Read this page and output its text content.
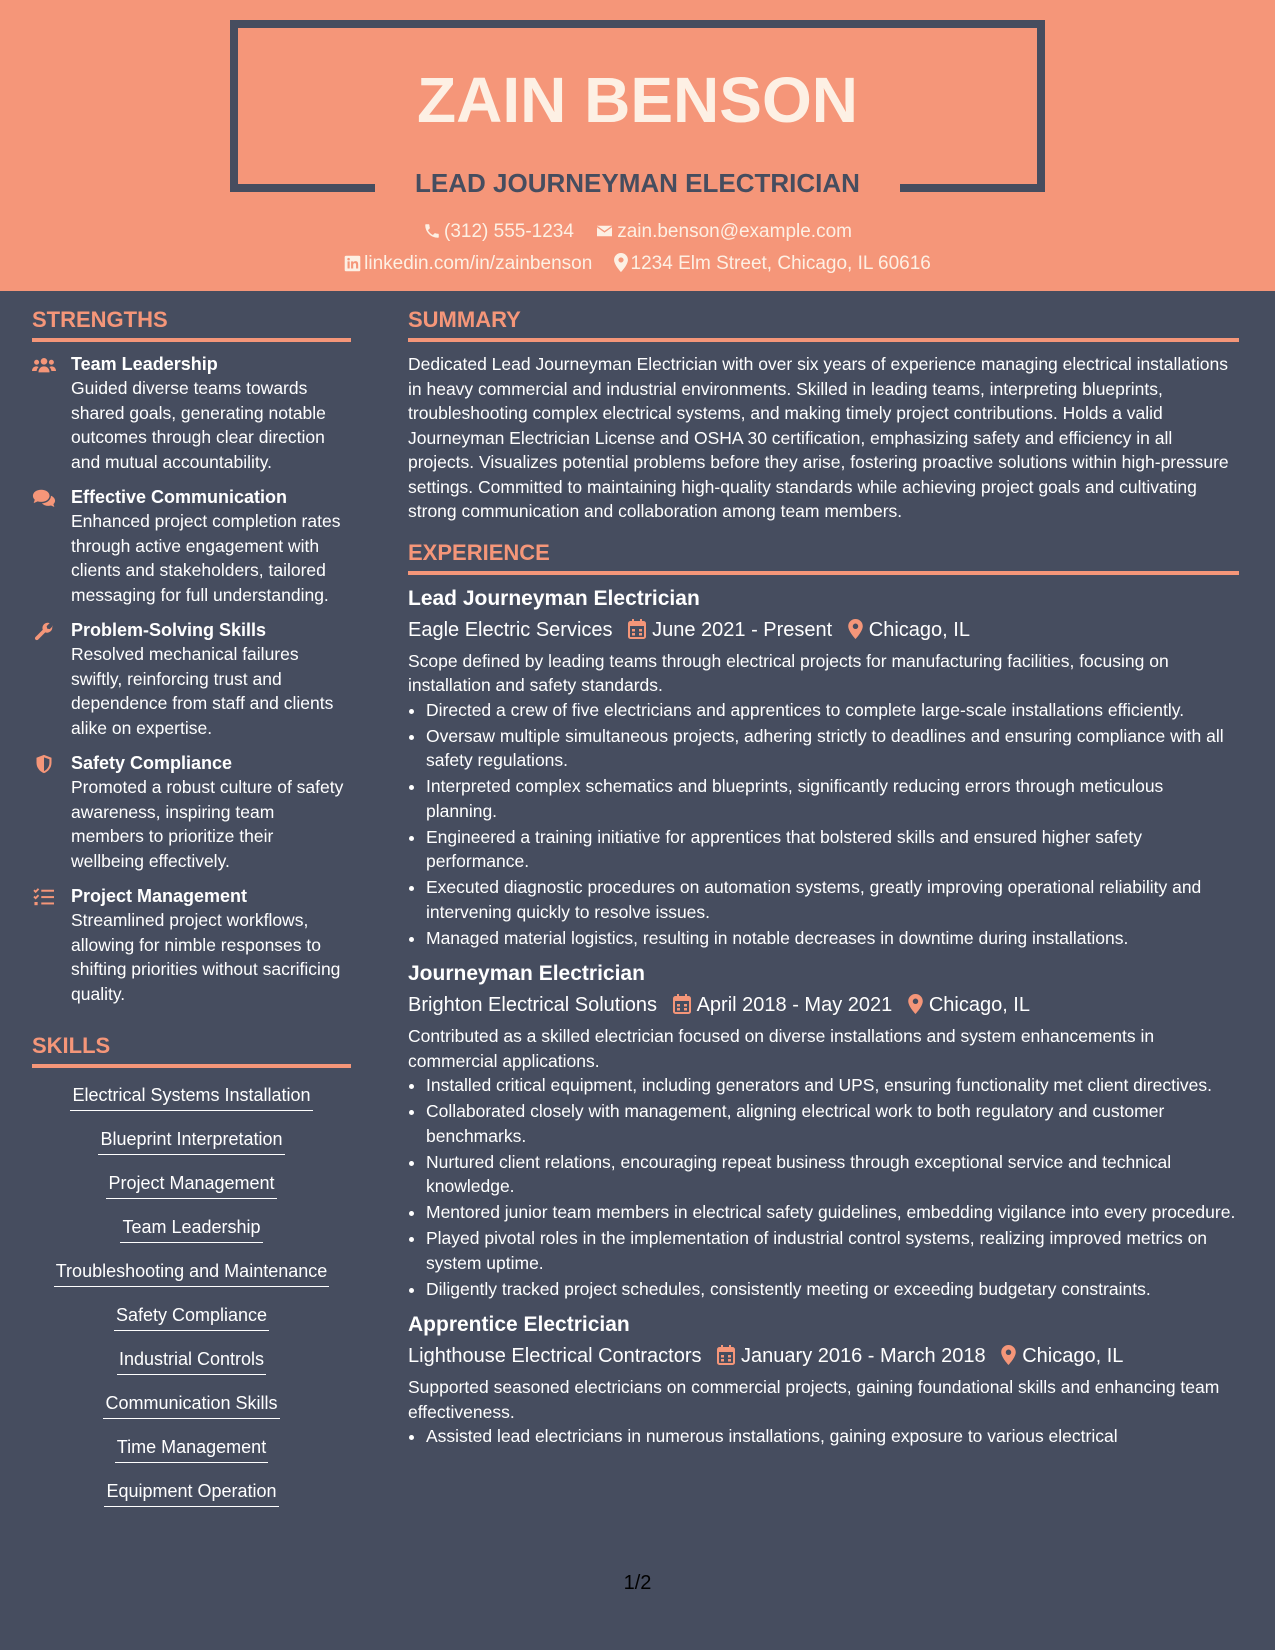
ZAIN BENSON
LEAD JOURNEYMAN ELECTRICIAN
(312) 555-1234 zain.benson@example.com
linkedin.com/in/zainbenson 1234 Elm Street, Chicago, IL 60616
STRENGTHS
Team Leadership
Guided diverse teams towards shared goals, generating notable outcomes through clear direction and mutual accountability.
Effective Communication
Enhanced project completion rates through active engagement with clients and stakeholders, tailored messaging for full understanding.
Problem-Solving Skills
Resolved mechanical failures swiftly, reinforcing trust and dependence from staff and clients alike on expertise.
Safety Compliance
Promoted a robust culture of safety awareness, inspiring team members to prioritize their wellbeing effectively.
Project Management
Streamlined project workflows, allowing for nimble responses to shifting priorities without sacrificing quality.
SKILLS
Electrical Systems Installation
Blueprint Interpretation
Project Management
Team Leadership
Troubleshooting and Maintenance
Safety Compliance
Industrial Controls
Communication Skills
Time Management
Equipment Operation
SUMMARY

Dedicated Lead Journeyman Electrician with over six years of experience managing electrical installations in heavy commercial and industrial environments. Skilled in leading teams, interpreting blueprints, troubleshooting complex electrical systems, and making timely project contributions. Holds a valid Journeyman Electrician License and OSHA 30 certification, emphasizing safety and efficiency in all projects. Visualizes potential problems before they arise, fostering proactive solutions within high-pressure settings. Committed to maintaining high-quality standards while achieving project goals and cultivating strong communication and collaboration among team members.

EXPERIENCE
Lead Journeyman Electrician
Eagle Electric Services June 2021 - Present Chicago, IL

Scope defined by leading teams through electrical projects for manufacturing facilities, focusing on installation and safety standards.

• Directed a crew of five electricians and apprentices to complete large-scale installations efficiently.
• Oversaw multiple simultaneous projects, adhering strictly to deadlines and ensuring compliance with all safety regulations.
• Interpreted complex schematics and blueprints, significantly reducing errors through meticulous planning.
• Engineered a training initiative for apprentices that bolstered skills and ensured higher safety performance.
• Executed diagnostic procedures on automation systems, greatly improving operational reliability and intervening quickly to resolve issues.
• Managed material logistics, resulting in notable decreases in downtime during installations.
Journeyman Electrician
Brighton Electrical Solutions April 2018 - May 2021 Chicago, IL

Contributed as a skilled electrician focused on diverse installations and system enhancements in commercial applications.

• Installed critical equipment, including generators and UPS, ensuring functionality met client directives.
• Collaborated closely with management, aligning electrical work to both regulatory and customer benchmarks.
• Nurtured client relations, encouraging repeat business through exceptional service and technical knowledge.
• Mentored junior team members in electrical safety guidelines, embedding vigilance into every procedure.
• Played pivotal roles in the implementation of industrial control systems, realizing improved metrics on system uptime.
• Diligently tracked project schedules, consistently meeting or exceeding budgetary constraints.
Apprentice Electrician
Lighthouse Electrical Contractors January 2016 - March 2018 Chicago, IL

Supported seasoned electricians on commercial projects, gaining foundational skills and enhancing team effectiveness.

• Assisted lead electricians in numerous installations, gaining exposure to various electrical
1/2
